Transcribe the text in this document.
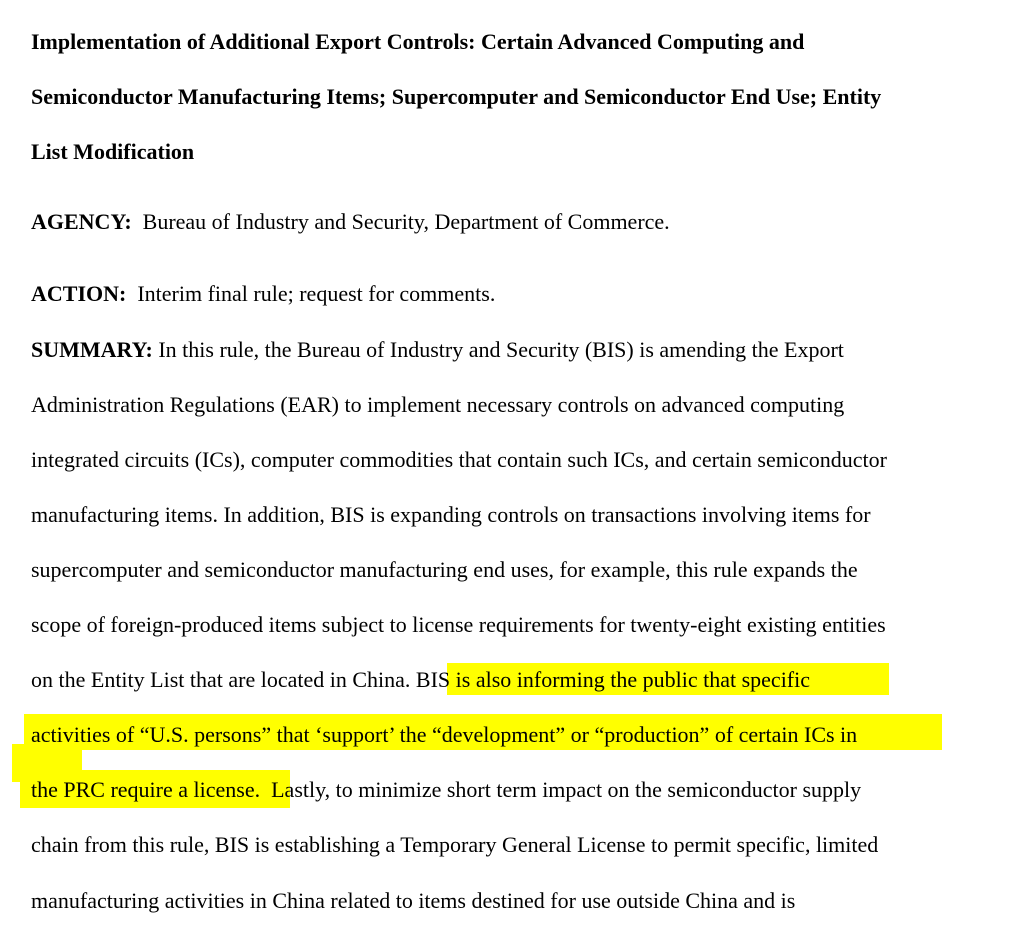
Implementation of Additional Export Controls: Certain Advanced Computing and
Semiconductor Manufacturing Items; Supercomputer and Semiconductor End Use; Entity
List Modification
AGENCY: Bureau of Industry and Security, Department of Commerce.
ACTION: Interim final rule; request for comments.
SUMMARY: In this rule, the Bureau of Industry and Security (BIS) is amending the Export
Administration Regulations (EAR) to implement necessary controls on advanced computing
integrated circuits (ICs), computer commodities that contain such ICs, and certain semiconductor
manufacturing items. In addition, BIS is expanding controls on transactions involving items for
supercomputer and semiconductor manufacturing end uses, for example, this rule expands the
scope of foreign-produced items subject to license requirements for twenty-eight existing entities
on the Entity List that are located in China. BIS is also informing the public that specific
activities of “U.S. persons” that ‘support’ the “development” or “production” of certain ICs in
the PRC require a license. Lastly, to minimize short term impact on the semiconductor supply
chain from this rule, BIS is establishing a Temporary General License to permit specific, limited
manufacturing activities in China related to items destined for use outside China and is
